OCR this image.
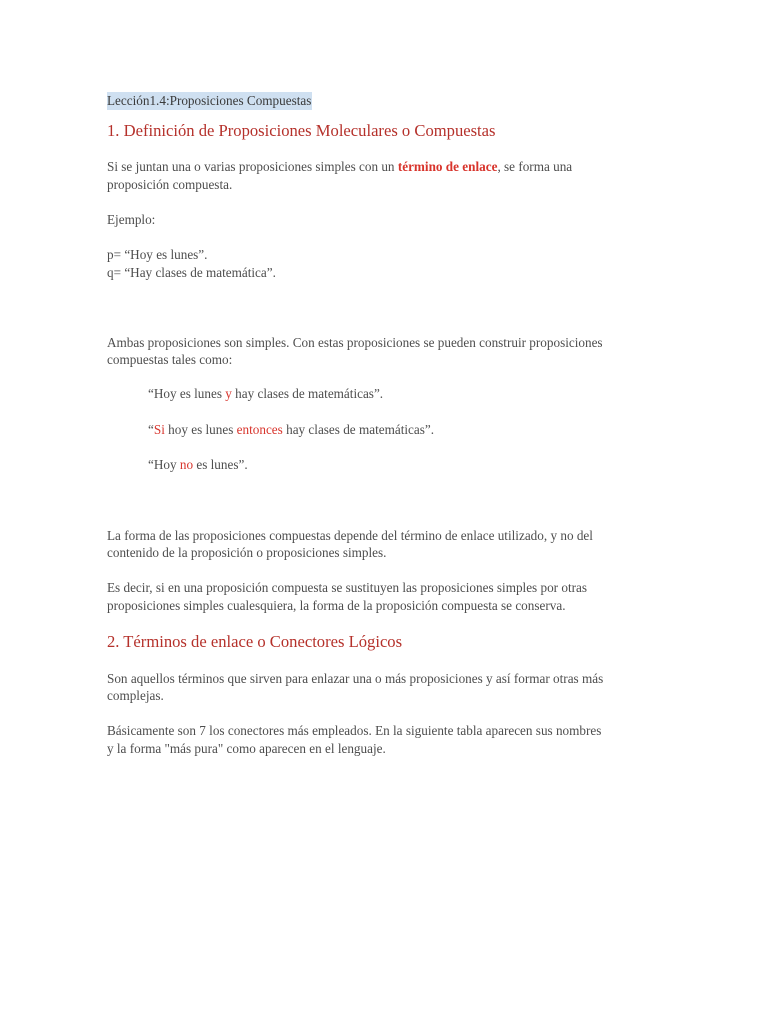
Lección1.4:Proposiciones Compuestas
1. Definición de Proposiciones Moleculares o Compuestas
Si se juntan una o varias proposiciones simples con un término de enlace, se forma una
proposición compuesta.
Ejemplo:
p= “Hoy es lunes”.
q= “Hay clases de matemática”.
Ambas proposiciones son simples. Con estas proposiciones se pueden construir proposiciones
compuestas tales como:
“Hoy es lunes y hay clases de matemáticas”.
“Si hoy es lunes entonces hay clases de matemáticas”.
“Hoy no es lunes”.
La forma de las proposiciones compuestas depende del término de enlace utilizado, y no del
contenido de la proposición o proposiciones simples.
Es decir, si en una proposición compuesta se sustituyen las proposiciones simples por otras
proposiciones simples cualesquiera, la forma de la proposición compuesta se conserva.
2. Términos de enlace o Conectores Lógicos
Son aquellos términos que sirven para enlazar una o más proposiciones y así formar otras más
complejas.
Básicamente son 7 los conectores más empleados. En la siguiente tabla aparecen sus nombres
y la forma "más pura" como aparecen en el lenguaje.
